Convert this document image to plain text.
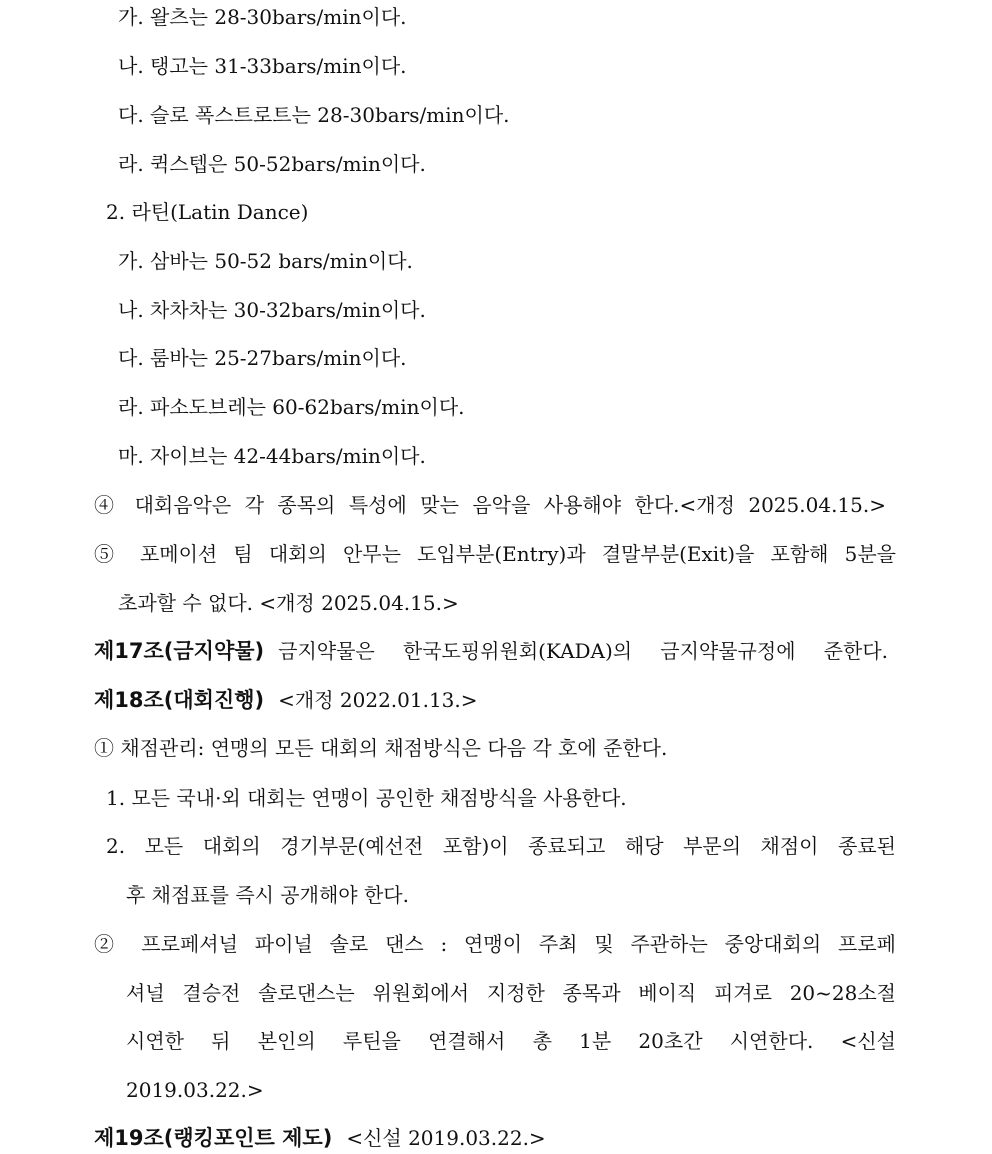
가. 왈츠는 28-30bars/min이다.
나. 탱고는 31-33bars/min이다.
다. 슬로 폭스트로트는 28-30bars/min이다.
라. 퀵스텝은 50-52bars/min이다.
2. 라틴(Latin Dance)
가. 삼바는 50-52 bars/min이다.
나. 차차차는 30-32bars/min이다.
다. 룸바는 25-27bars/min이다.
라. 파소도브레는 60-62bars/min이다.
마. 자이브는 42-44bars/min이다.
④ 대회음악은 각 종목의 특성에 맞는 음악을 사용해야 한다.<개정 2025.04.15.>
⑤ 포메이션 팀 대회의 안무는 도입부분(Entry)과 결말부분(Exit)을 포함해 5분을
초과할 수 없다. <개정 2025.04.15.>
제17조(금지약물) 금지약물은 한국도핑위원회(KADA)의 금지약물규정에 준한다.
제18조(대회진행) <개정 2022.01.13.>
① 채점관리: 연맹의 모든 대회의 채점방식은 다음 각 호에 준한다.
1. 모든 국내·외 대회는 연맹이 공인한 채점방식을 사용한다.
2. 모든 대회의 경기부문(예선전 포함)이 종료되고 해당 부문의 채점이 종료된
후 채점표를 즉시 공개해야 한다.
② 프로페셔널 파이널 솔로 댄스 : 연맹이 주최 및 주관하는 중앙대회의 프로페
셔널 결승전 솔로댄스는 위원회에서 지정한 종목과 베이직 피겨로 20~28소절
시연한 뒤 본인의 루틴을 연결해서 총 1분 20초간 시연한다. <신설
2019.03.22.>
제19조(랭킹포인트 제도) <신설 2019.03.22.>
